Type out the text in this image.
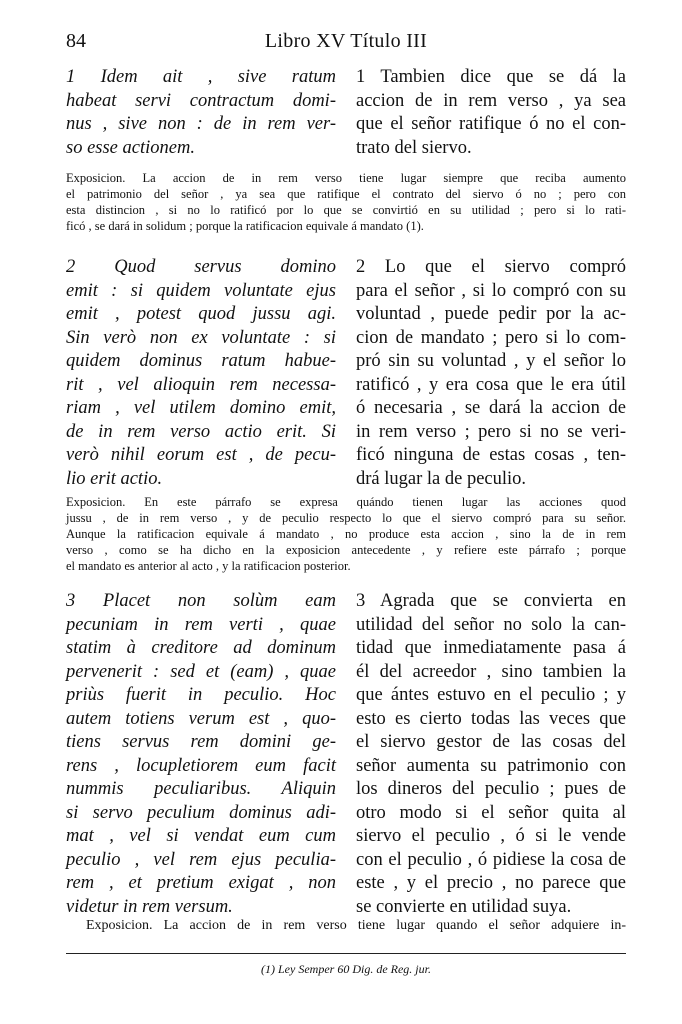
84	Libro XV Título III
1 Idem ait , sive ratum
habeat servi contractum domi-
nus , sive non : de in rem ver-
so esse actionem.
1 Tambien dice que se dá la
accion de in rem verso , ya sea
que el señor ratifique ó no el con-
trato del siervo.
Exposicion. La accion de in rem verso tiene lugar siempre que reciba aumento
el patrimonio del señor , ya sea que ratifique el contrato del siervo ó no ; pero con
esta distincion , si no lo ratificó por lo que se convirtió en su utilidad ; pero si lo rati-
ficó , se dará in solidum ; porque la ratificacion equivale á mandato (1).
2 Quod servus domino
emit : si quidem voluntate ejus
emit , potest quod jussu agi.
Sin verò non ex voluntate : si
quidem dominus ratum habue-
rit , vel alioquin rem necessa-
riam , vel utilem domino emit,
de in rem verso actio erit. Si
verò nihil eorum est , de pecu-
lio erit actio.
2 Lo que el siervo compró
para el señor , si lo compró con su
voluntad , puede pedir por la ac-
cion de mandato ; pero si lo com-
pró sin su voluntad , y el señor lo
ratificó , y era cosa que le era útil
ó necesaria , se dará la accion de
in rem verso ; pero si no se veri-
ficó ninguna de estas cosas , ten-
drá lugar la de peculio.
Exposicion. En este párrafo se expresa quándo tienen lugar las acciones quod
jussu , de in rem verso , y de peculio respecto lo que el siervo compró para su señor.
Aunque la ratificacion equivale á mandato , no produce esta accion , sino la de in rem
verso , como se ha dicho en la exposicion antecedente , y refiere este párrafo ; porque
el mandato es anterior al acto , y la ratificacion posterior.
3 Placet non solùm eam
pecuniam in rem verti , quae
statim à creditore ad dominum
pervenerit : sed et (eam) , quae
priùs fuerit in peculio. Hoc
autem totiens verum est , quo-
tiens servus rem domini ge-
rens , locupletiorem eum facit
nummis peculiaribus. Aliquin
si servo peculium dominus adi-
mat , vel si vendat eum cum
peculio , vel rem ejus peculia-
rem , et pretium exigat , non
videtur in rem versum.
3 Agrada que se convierta en
utilidad del señor no solo la can-
tidad que inmediatamente pasa á
él del acreedor , sino tambien la
que ántes estuvo en el peculio ; y
esto es cierto todas las veces que
el siervo gestor de las cosas del
señor aumenta su patrimonio con
los dineros del peculio ; pues de
otro modo si el señor quita al
siervo el peculio , ó si le vende
con el peculio , ó pidiese la cosa de
este , y el precio , no parece que
se convierte en utilidad suya.
Exposicion. La accion de in rem verso tiene lugar quando el señor adquiere in-
(1) Ley Semper 60 Dig. de Reg. jur.
